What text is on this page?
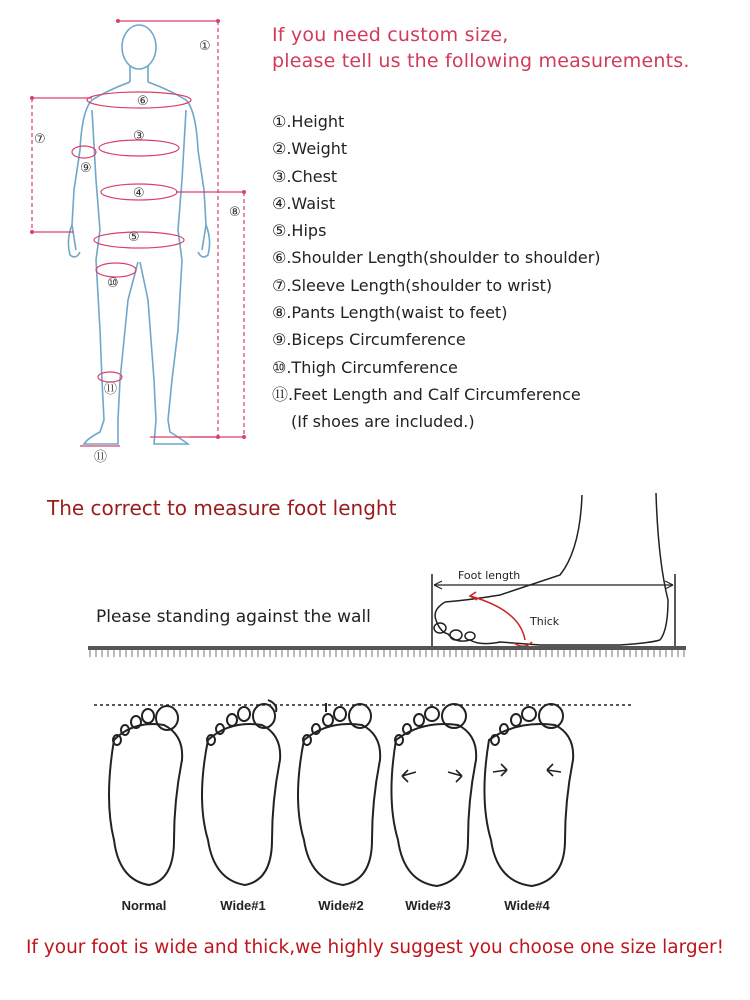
①
③
④
⑤
⑥
⑦
⑧
⑨
⑩
⑪
⑪
Foot length
Thick
If you need custom size,
please tell us the following measurements.
①.Height
②.Weight
③.Chest
④.Waist
⑤.Hips
⑥.Shoulder Length(shoulder to shoulder)
⑦.Sleeve Length(shoulder to wrist)
⑧.Pants Length(waist to feet)
⑨.Biceps Circumference
⑩.Thigh Circumference
⑪.Feet Length and Calf Circumference
(If shoes are included.)
The correct to measure foot lenght
Please standing against the wall
Normal	Wide#1	Wide#2	Wide#3	Wide#4
If your foot is wide and thick,we highly suggest you choose one size larger!
